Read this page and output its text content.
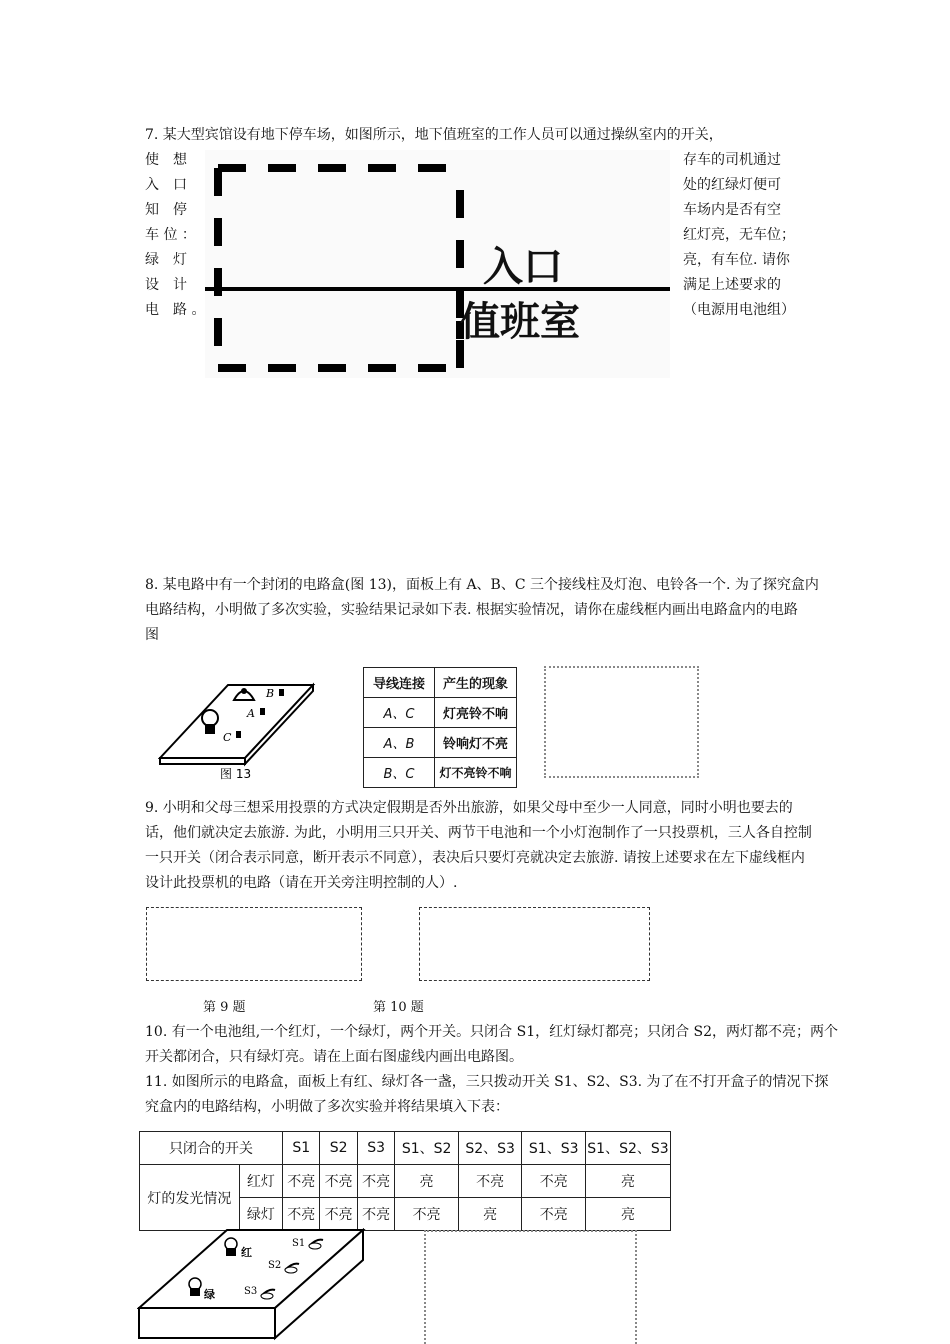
7. 某大型宾馆设有地下停车场，如图所示，地下值班室的工作人员可以通过操纵室内的开关，
使　想
入　口
知　停
车 位 ：
绿　灯
设　计
电　路 。
存车的司机通过
处的红绿灯便可
车场内是否有空
红灯亮，无车位；
亮，有车位. 请你
满足上述要求的
（电源用电池组）
入口
值班室
8. 某电路中有一个封闭的电路盒(图 13)，面板上有 A、B、C 三个接线柱及灯泡、电铃各一个. 为了探究盒内
电路结构，小明做了多次实验，实验结果记录如下表. 根据实验情况，请你在虚线框内画出电路盒内的电路
图
B
A
C
图 13
导线连接	产生的现象
A、C	灯亮铃不响
A、B	铃响灯不亮
B、C	灯不亮铃不响
9. 小明和父母三想采用投票的方式决定假期是否外出旅游，如果父母中至少一人同意，同时小明也要去的
话，他们就决定去旅游. 为此，小明用三只开关、两节干电池和一个小灯泡制作了一只投票机，三人各自控制
一只开关（闭合表示同意，断开表示不同意），表决后只要灯亮就决定去旅游. 请按上述要求在左下虚线框内
设计此投票机的电路（请在开关旁注明控制的人）.
第 9 题	第 10 题
10. 有一个电池组,一个红灯，一个绿灯，两个开关。只闭合 S1，红灯绿灯都亮；只闭合 S2，两灯都不亮；两个
开关都闭合，只有绿灯亮。请在上面右图虚线内画出电路图。
11. 如图所示的电路盒，面板上有红、绿灯各一盏，三只拨动开关 S1、S2、S3. 为了在不打开盒子的情况下探
究盒内的电路结构，小明做了多次实验并将结果填入下表：
只闭合的开关		S1	S2	S3	S1、S2	S2、S3	S1、S3	S1、S2、S3
灯的发光情况	红灯	不亮	不亮	不亮	亮	不亮	不亮	亮
	绿灯	不亮	不亮	不亮	不亮	亮	不亮	亮
红
绿
S1
S2
S3
